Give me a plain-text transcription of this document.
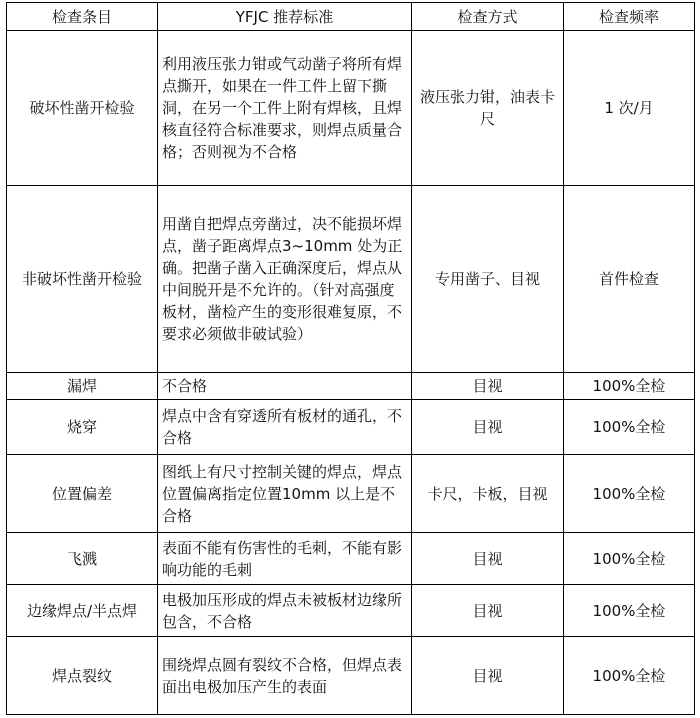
检查条目	YFJC 推荐标准	检查方式	检查频率
破坏性凿开检验	利用液压张力钳或气动凿子将所有焊点撕开，如果在一件工件上留下撕洞，在另一个工件上附有焊核，且焊核直径符合标准要求，则焊点质量合格；否则视为不合格	液压张力钳，油表卡尺	1 次/月
非破坏性凿开检验	用凿自把焊点旁凿过，决不能损坏焊点，凿子距离焊点3~10mm 处为正确。把凿子凿入正确深度后，焊点从中间脱开是不允许的。（针对高强度板材，凿检产生的变形很难复原，不要求必须做非破试验）	专用凿子、目视	首件检查
漏焊	不合格	目视	100%全检
烧穿	焊点中含有穿透所有板材的通孔，不合格	目视	100%全检
位置偏差	图纸上有尺寸控制关键的焊点，焊点位置偏离指定位置10mm 以上是不合格	卡尺，卡板，目视	100%全检
飞溅	表面不能有伤害性的毛刺，不能有影响功能的毛刺	目视	100%全检
边缘焊点/半点焊	电极加压形成的焊点未被板材边缘所包含，不合格	目视	100%全检
焊点裂纹	围绕焊点圆有裂纹不合格，但焊点表面出电极加压产生的表面	目视	100%全检
